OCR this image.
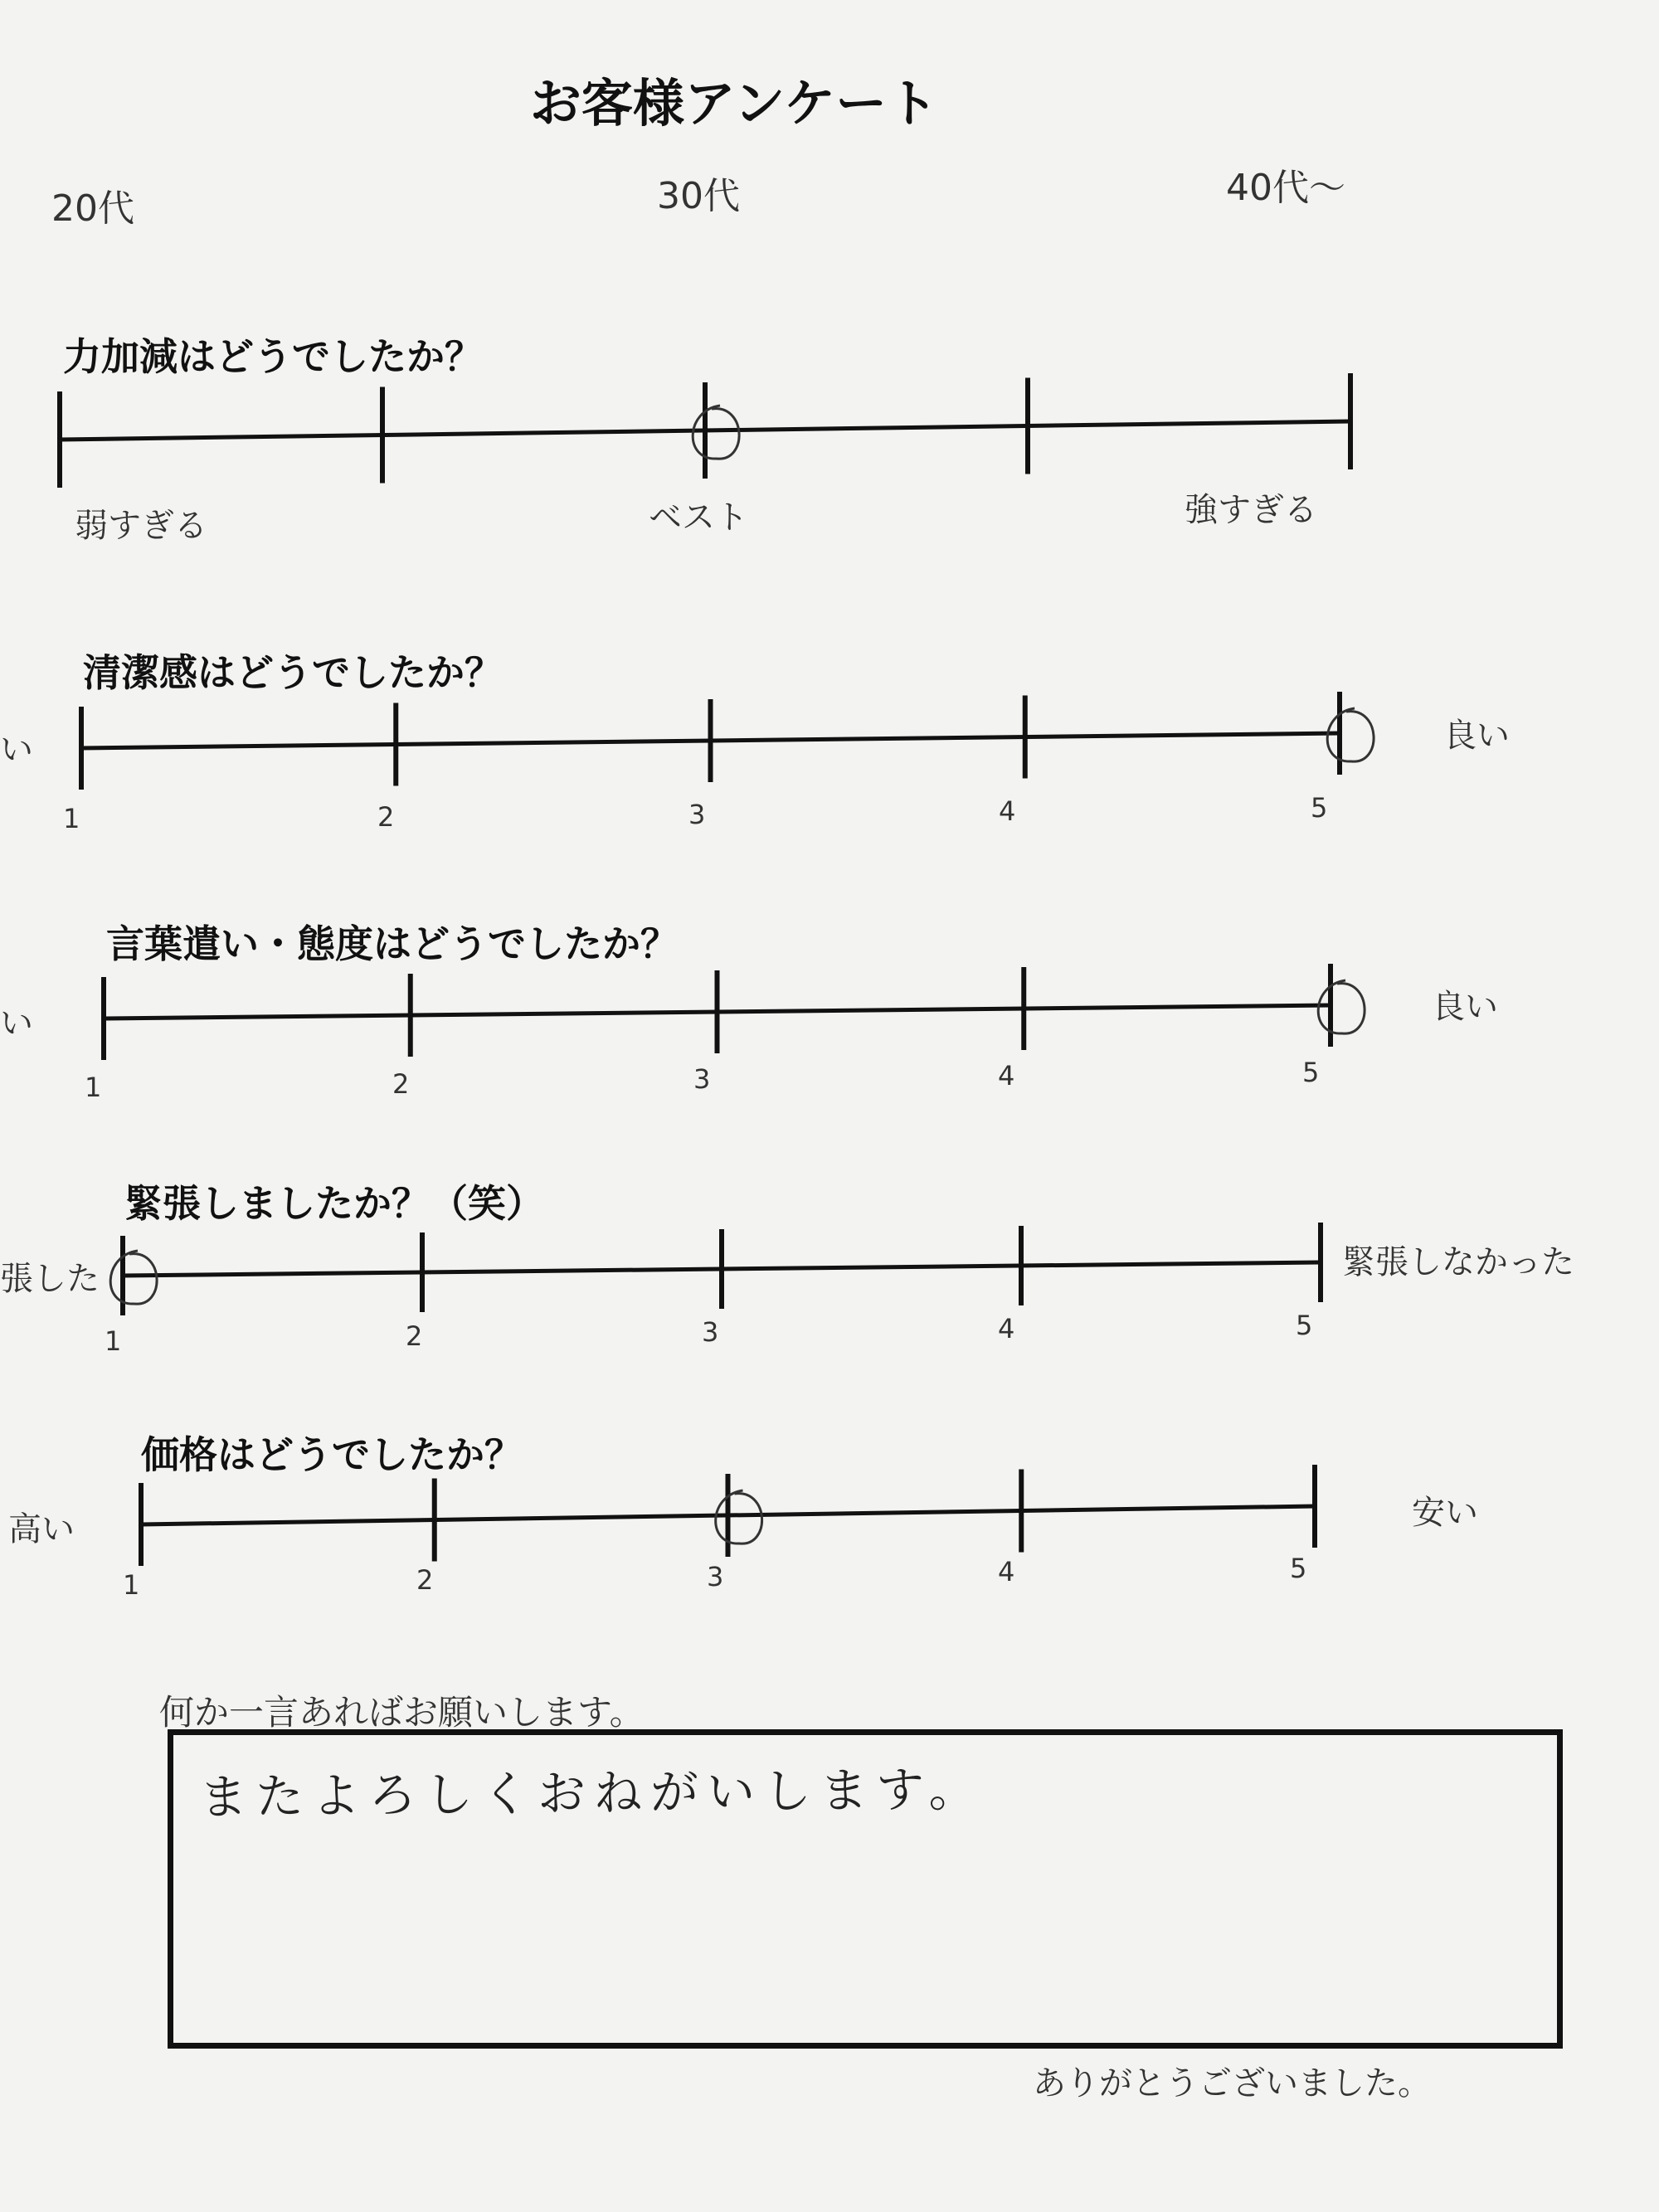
お客様アンケート
20代	30代	40代～
力加減はどうでしたか？
弱すぎる	ベスト	強すぎる
清潔感はどうでしたか？
い	良い
1	2	3	4	5
言葉遣い・態度はどうでしたか？
い	良い
1	2	3	4	5
緊張しましたか？（笑）
張した	緊張しなかった
1	2	3	4	5
価格はどうでしたか？
高い	安い
1	2	3	4	5
何か一言あればお願いします。
またよろしくおねがいします。
ありがとうございました。
